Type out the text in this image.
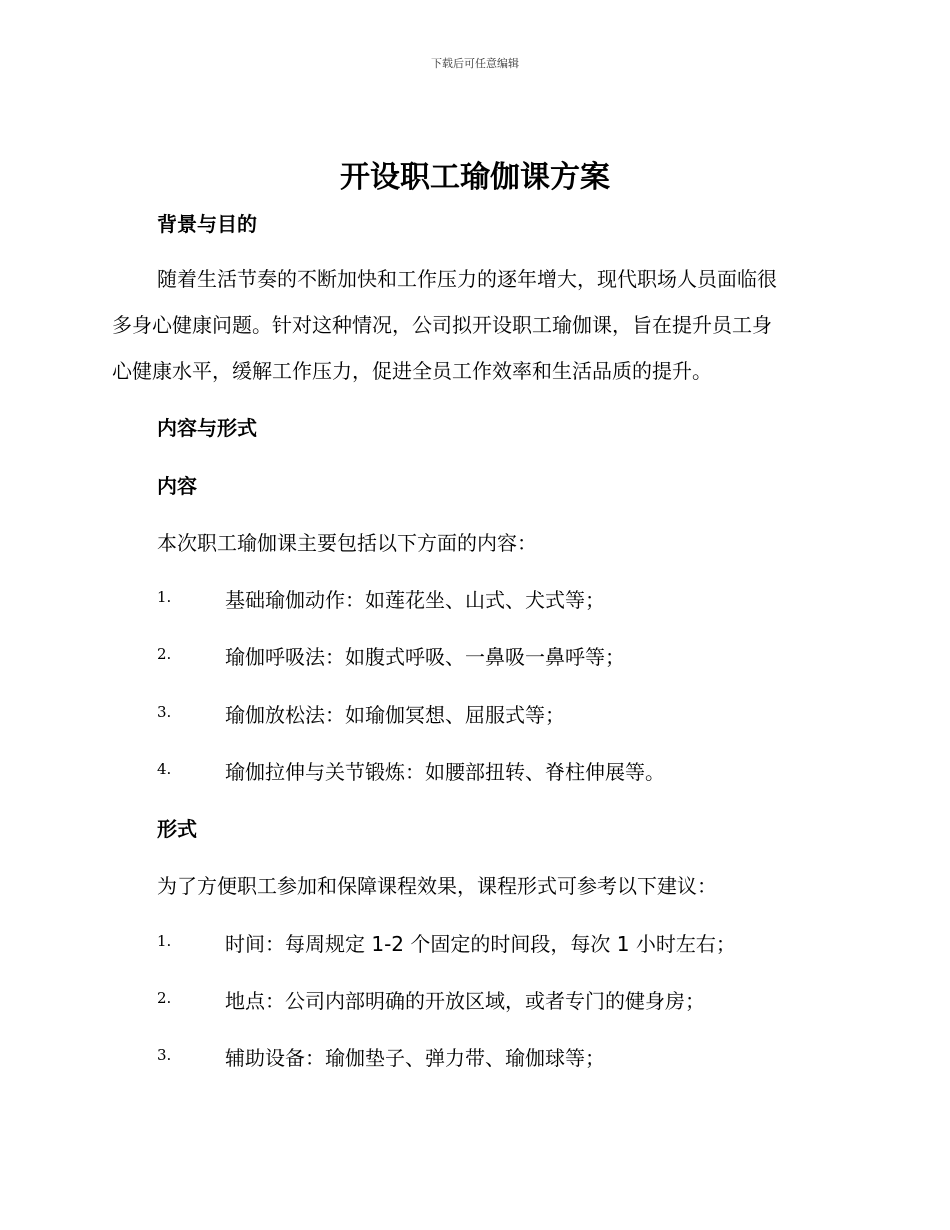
下载后可任意编辑
开设职工瑜伽课方案
背景与目的

随着生活节奏的不断加快和工作压力的逐年增大，现代职场人员面临很

多身心健康问题。针对这种情况，公司拟开设职工瑜伽课，旨在提升员工身

心健康水平，缓解工作压力，促进全员工作效率和生活品质的提升。

内容与形式
内容

本次职工瑜伽课主要包括以下方面的内容：

1.	基础瑜伽动作：如莲花坐、山式、犬式等；
2.	瑜伽呼吸法：如腹式呼吸、一鼻吸一鼻呼等；
3.	瑜伽放松法：如瑜伽冥想、屈服式等；
4.	瑜伽拉伸与关节锻炼：如腰部扭转、脊柱伸展等。
形式

为了方便职工参加和保障课程效果，课程形式可参考以下建议：

1.	时间：每周规定 1-2 个固定的时间段，每次 1 小时左右；
2.	地点：公司内部明确的开放区域，或者专门的健身房；
3.	辅助设备：瑜伽垫子、弹力带、瑜伽球等；
